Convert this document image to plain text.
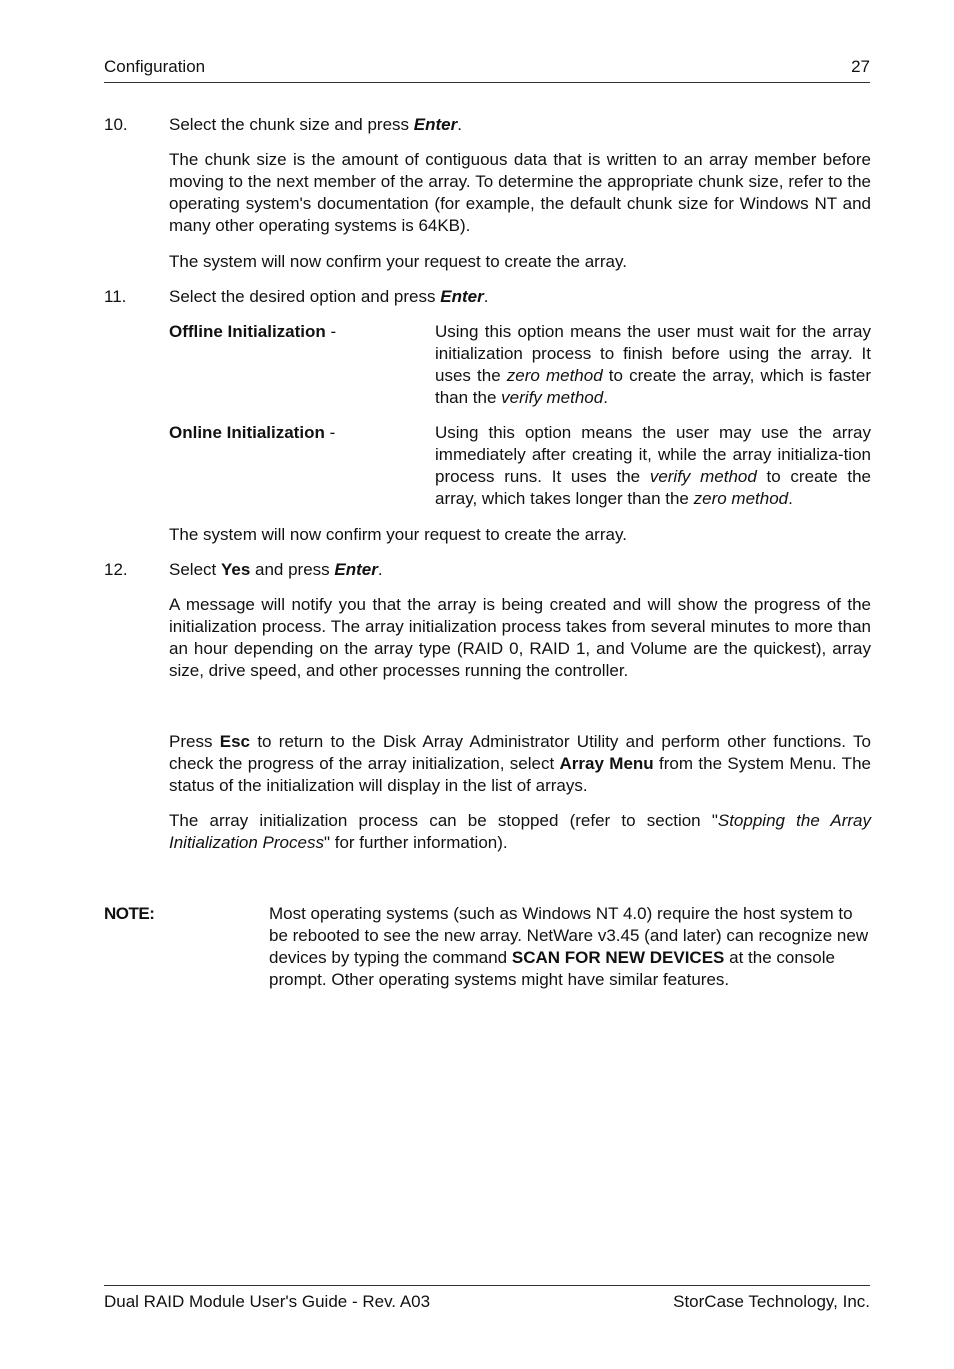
Configuration	27
10. Select the chunk size and press Enter.

The chunk size is the amount of contiguous data that is written to an array member before moving to the next member of the array. To determine the appropriate chunk size, refer to the operating system's documentation (for example, the default chunk size for Windows NT and many other operating systems is 64KB).

The system will now confirm your request to create the array.

11.	Select the desired option and press Enter.

Offline Initialization -	Using this option means the user must wait for the array initialization process to finish before using the array. It uses the zero method to create the array, which is faster than the verify method.

Online Initialization -	Using this option means the user may use the array immediately after creating it, while the array initializa-tion process runs. It uses the verify method to create the array, which takes longer than the zero method.

The system will now confirm your request to create the array.

12. Select Yes and press Enter.

A message will notify you that the array is being created and will show the progress of the initialization process. The array initialization process takes from several minutes to more than an hour depending on the array type (RAID 0, RAID 1, and Volume are the quickest), array size, drive speed, and other processes running the controller.

Press Esc to return to the Disk Array Administrator Utility and perform other functions. To check the progress of the array initialization, select Array Menu from the System Menu. The status of the initialization will display in the list of arrays.

The array initialization process can be stopped (refer to section "Stopping the Array Initialization Process" for further information).

NOTE:	Most operating systems (such as Windows NT 4.0) require the host system to be rebooted to see the new array. NetWare v3.45 (and later) can recognize new devices by typing the command SCAN FOR NEW DEVICES at the console prompt. Other operating systems might have similar features.

Dual RAID Module User's Guide - Rev. A03	StorCase Technology, Inc.
